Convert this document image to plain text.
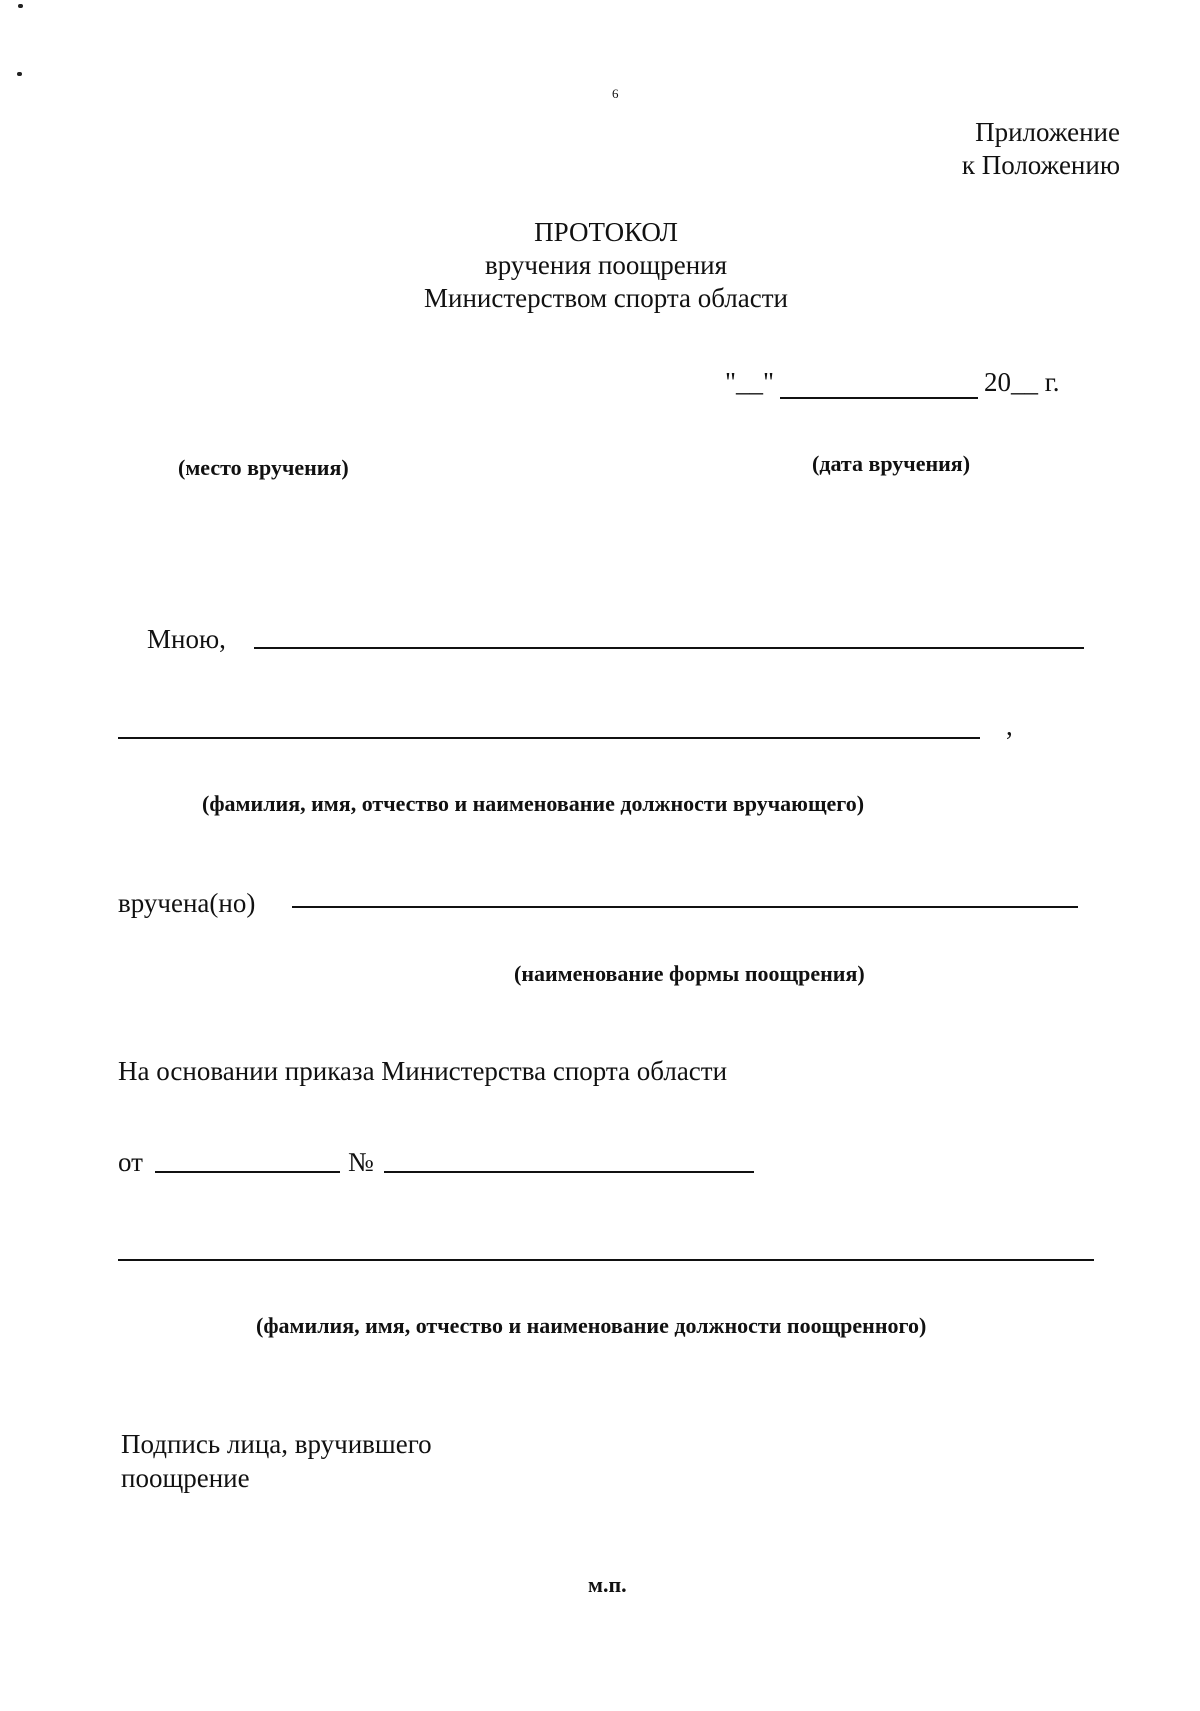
6
Приложение
к Положению
ПРОТОКОЛ
вручения поощрения
Министерством спорта области
"__"	20__ г.
(место вручения)	(дата вручения)
Мною,
,
(фамилия, имя, отчество и наименование должности вручающего)
вручена(но)
(наименование формы поощрения)
На основании приказа Министерства спорта области
от	№
(фамилия, имя, отчество и наименование должности поощренного)
Подпись лица, вручившего
поощрение
м.п.
